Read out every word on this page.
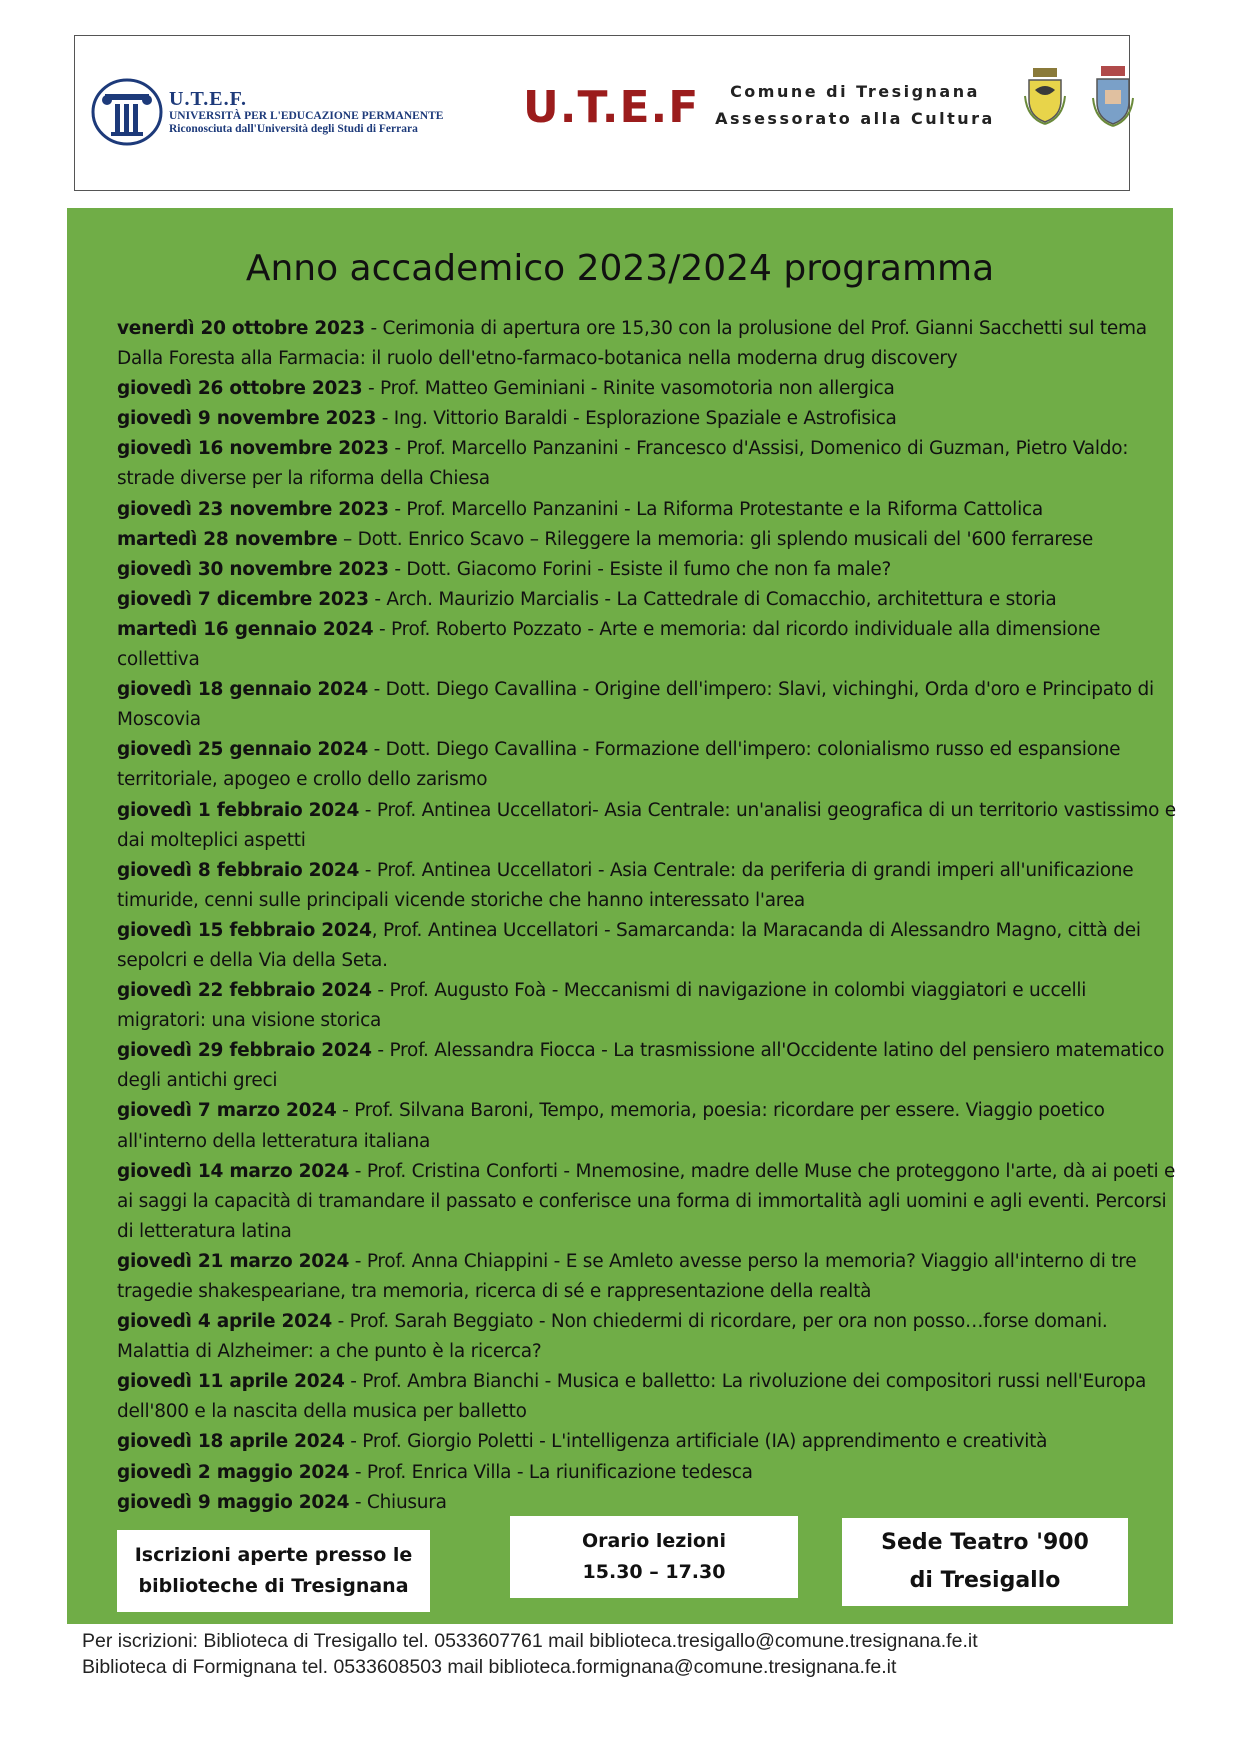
U.T.E.F.
UNIVERSITÀ PER L'EDUCAZIONE PERMANENTE
Riconosciuta dall'Università degli Studi di Ferrara	U.T.E.F	Comune di Tresignana
Assessorato alla Cultura
Anno accademico 2023/2024 programma

venerdì 20 ottobre 2023 - Cerimonia di apertura ore 15,30 con la prolusione del Prof. Gianni Sacchetti sul tema Dalla Foresta alla Farmacia: il ruolo dell'etno-farmaco-botanica nella moderna drug discovery

giovedì 26 ottobre 2023 - Prof. Matteo Geminiani - Rinite vasomotoria non allergica

giovedì 9 novembre 2023 - Ing. Vittorio Baraldi - Esplorazione Spaziale e Astrofisica

giovedì 16 novembre 2023 - Prof. Marcello Panzanini - Francesco d'Assisi, Domenico di Guzman, Pietro Valdo: strade diverse per la riforma della Chiesa

giovedì 23 novembre 2023 - Prof. Marcello Panzanini - La Riforma Protestante e la Riforma Cattolica

martedì 28 novembre – Dott. Enrico Scavo – Rileggere la memoria: gli splendo musicali del '600 ferrarese

giovedì 30 novembre 2023 - Dott. Giacomo Forini - Esiste il fumo che non fa male?

giovedì 7 dicembre 2023 - Arch. Maurizio Marcialis - La Cattedrale di Comacchio, architettura e storia

martedì 16 gennaio 2024 - Prof. Roberto Pozzato - Arte e memoria: dal ricordo individuale alla dimensione collettiva

giovedì 18 gennaio 2024 - Dott. Diego Cavallina - Origine dell'impero: Slavi, vichinghi, Orda d'oro e Principato di Moscovia

giovedì 25 gennaio 2024 - Dott. Diego Cavallina - Formazione dell'impero: colonialismo russo ed espansione territoriale, apogeo e crollo dello zarismo

giovedì 1 febbraio 2024 - Prof. Antinea Uccellatori- Asia Centrale: un'analisi geografica di un territorio vastissimo e dai molteplici aspetti

giovedì 8 febbraio 2024 - Prof. Antinea Uccellatori - Asia Centrale: da periferia di grandi imperi all'unificazione timuride, cenni sulle principali vicende storiche che hanno interessato l'area

giovedì 15 febbraio 2024, Prof. Antinea Uccellatori - Samarcanda: la Maracanda di Alessandro Magno, città dei sepolcri e della Via della Seta.

giovedì 22 febbraio 2024 - Prof. Augusto Foà - Meccanismi di navigazione in colombi viaggiatori e uccelli migratori: una visione storica

giovedì 29 febbraio 2024 - Prof. Alessandra Fiocca - La trasmissione all'Occidente latino del pensiero matematico degli antichi greci

giovedì 7 marzo 2024 - Prof. Silvana Baroni, Tempo, memoria, poesia: ricordare per essere. Viaggio poetico all'interno della letteratura italiana

giovedì 14 marzo 2024 - Prof. Cristina Conforti - Mnemosine, madre delle Muse che proteggono l'arte, dà ai poeti e ai saggi la capacità di tramandare il passato e conferisce una forma di immortalità agli uomini e agli eventi. Percorsi di letteratura latina

giovedì 21 marzo 2024 - Prof. Anna Chiappini - E se Amleto avesse perso la memoria? Viaggio all'interno di tre tragedie shakespeariane, tra memoria, ricerca di sé e rappresentazione della realtà

giovedì 4 aprile 2024 - Prof. Sarah Beggiato - Non chiedermi di ricordare, per ora non posso…forse domani. Malattia di Alzheimer: a che punto è la ricerca?

giovedì 11 aprile 2024 - Prof. Ambra Bianchi - Musica e balletto: La rivoluzione dei compositori russi nell'Europa dell'800 e la nascita della musica per balletto

giovedì 18 aprile 2024 - Prof. Giorgio Poletti - L'intelligenza artificiale (IA) apprendimento e creatività

giovedì 2 maggio 2024 - Prof. Enrica Villa - La riunificazione tedesca

giovedì 9 maggio 2024 - Chiusura

Iscrizioni aperte presso le
biblioteche di Tresignana
Orario lezioni
15.30 – 17.30
Sede Teatro '900
di Tresigallo
Per iscrizioni: Biblioteca di Tresigallo tel. 0533607761 mail biblioteca.tresigallo@comune.tresignana.fe.it
Biblioteca di Formignana tel. 0533608503 mail biblioteca.formignana@comune.tresignana.fe.it
